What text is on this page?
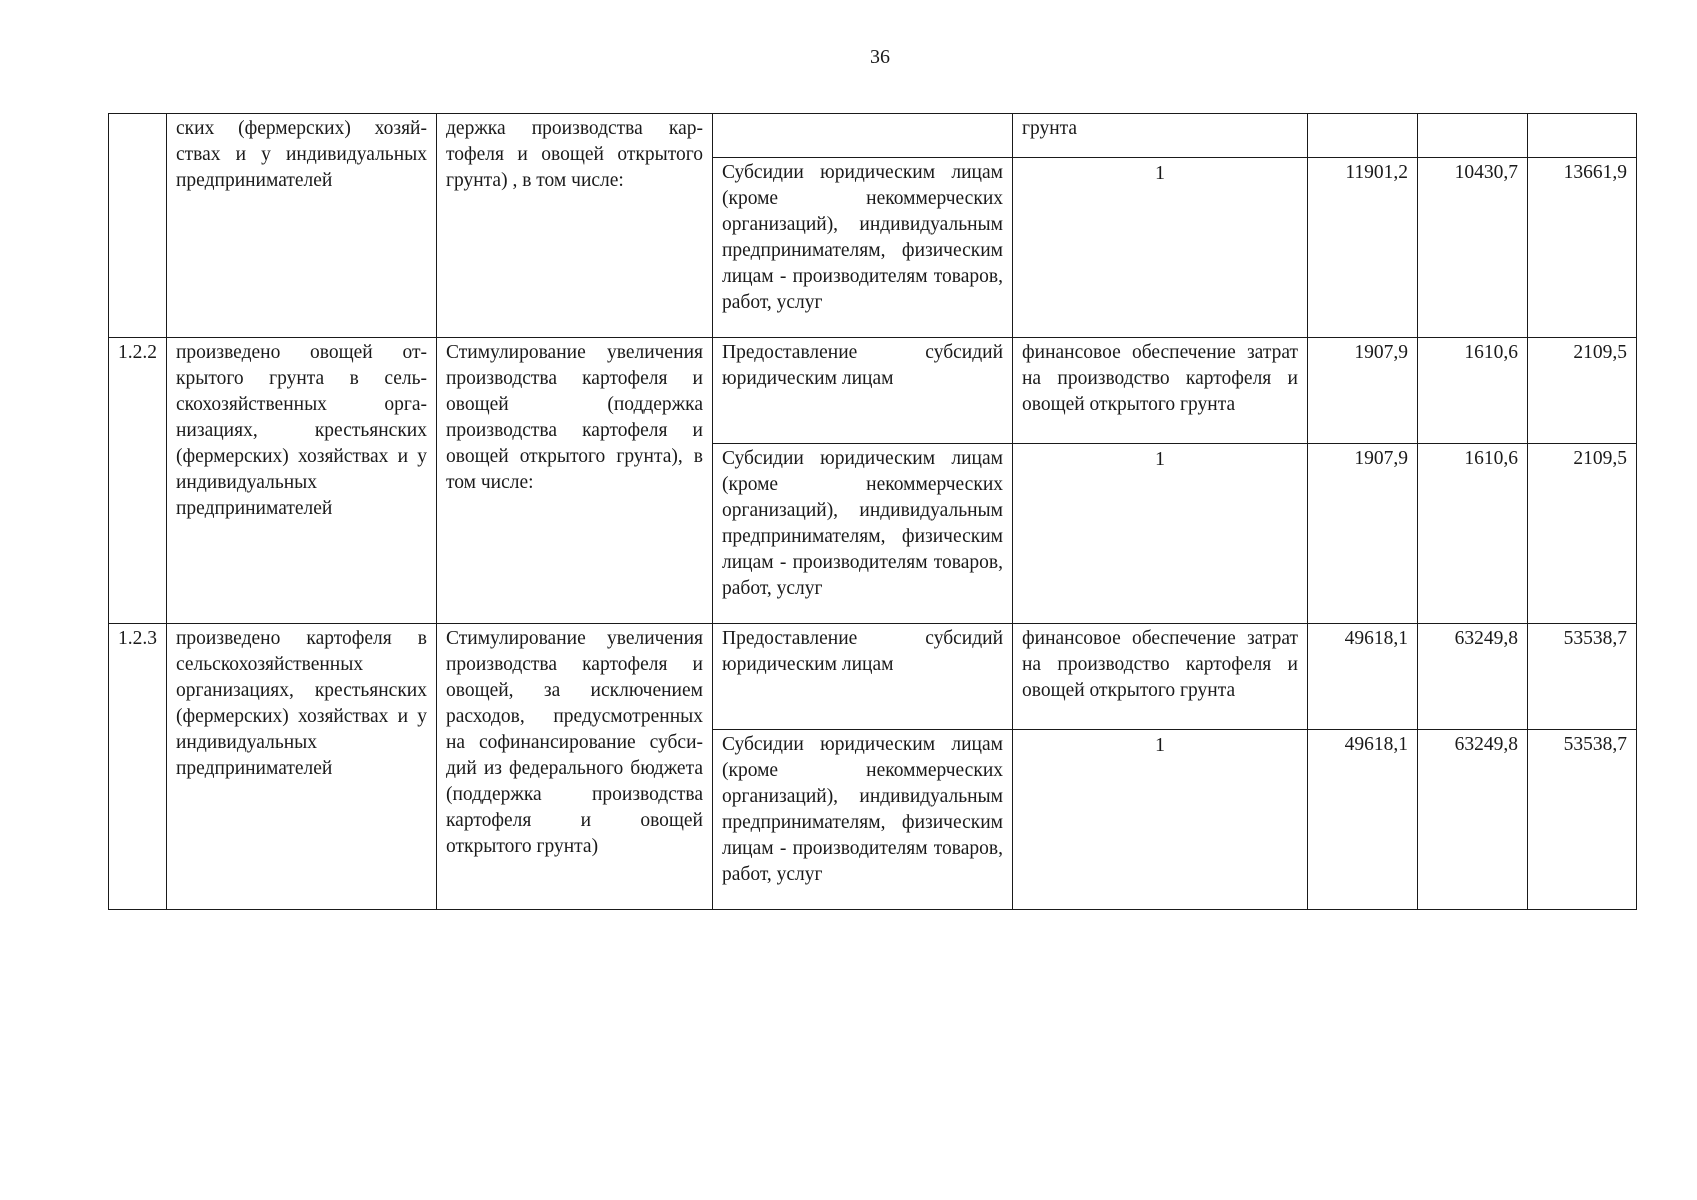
36
	ских (фермерских) хозяйствах и у индивидуальных предпринимателей	держка производства картофеля и овощей открытого грунта) , в том числе:		грунта			
			Субсидии юридическим лицам (кроме некоммерческих организаций), индивидуальным предпринимателям, физическим лицам - производителям товаров, работ, услуг	1	11901,2	10430,7	13661,9
1.2.2	произведено овощей открытого грунта в сельскохозяйственных организациях, крестьянских (фермерских) хозяйствах и у индивидуальных предпринимателей	Стимулирование увеличения производства картофеля и овощей (поддержка производства картофеля и овощей открытого грунта), в том числе:	Предоставление субсидий юридическим лицам	финансовое обеспечение затрат на производство картофеля и овощей открытого грунта	1907,9	1610,6	2109,5
			Субсидии юридическим лицам (кроме некоммерческих организаций), индивидуальным предпринимателям, физическим лицам - производителям товаров, работ, услуг	1	1907,9	1610,6	2109,5
1.2.3	произведено картофеля в сельскохозяйственных организациях, крестьянских (фермерских) хозяйствах и у индивидуальных предпринимателей	Стимулирование увеличения производства картофеля и овощей, за исключением расходов, предусмотренных на софинансирование субсидий из федерального бюджета (поддержка производства картофеля и овощей открытого грунта)	Предоставление субсидий юридическим лицам	финансовое обеспечение затрат на производство картофеля и овощей открытого грунта	49618,1	63249,8	53538,7
			Субсидии юридическим лицам (кроме некоммерческих организаций), индивидуальным предпринимателям, физическим лицам - производителям товаров, работ, услуг	1	49618,1	63249,8	53538,7
